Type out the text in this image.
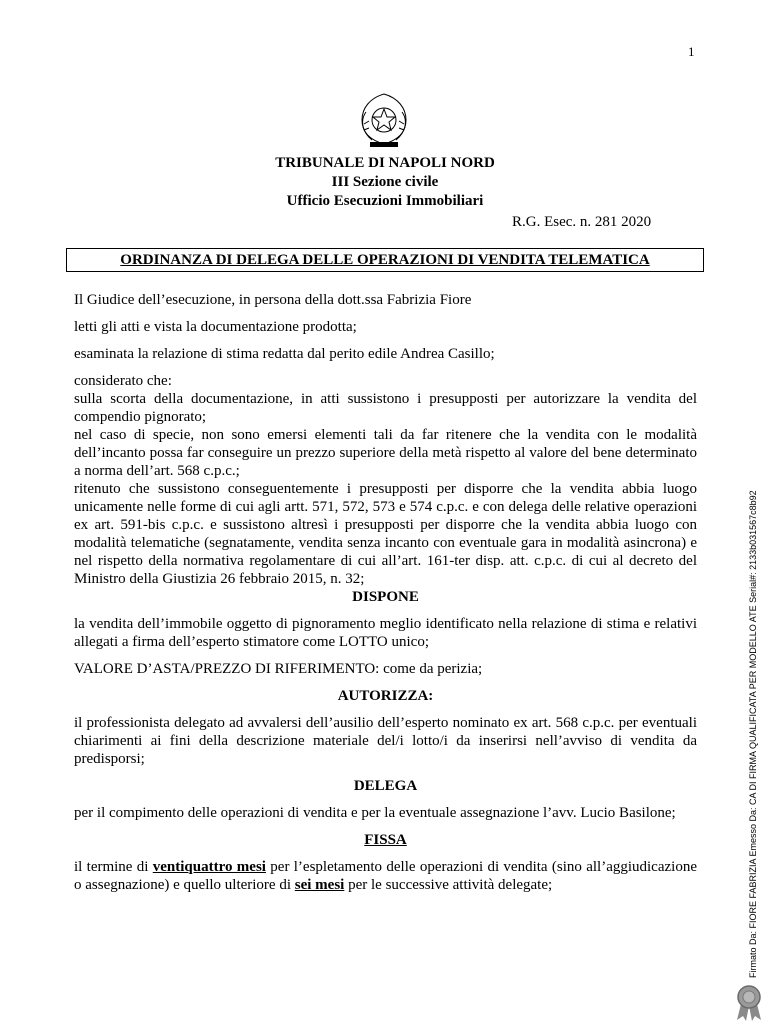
1
TRIBUNALE DI NAPOLI NORD
III Sezione civile
Ufficio Esecuzioni Immobiliari
R.G. Esec. n. 281 2020
ORDINANZA DI DELEGA DELLE OPERAZIONI DI VENDITA TELEMATICA

Il Giudice dell’esecuzione, in persona della dott.ssa Fabrizia Fiore

letti gli atti e vista la documentazione prodotta;

esaminata la relazione di stima redatta dal perito edile Andrea Casillo;

considerato che:

sulla scorta della documentazione, in atti sussistono i presupposti per autorizzare la vendita del compendio pignorato;

nel caso di specie, non sono emersi elementi tali da far ritenere che la vendita con le modalità dell’incanto possa far conseguire un prezzo superiore della metà rispetto al valore del bene determinato a norma dell’art. 568 c.p.c.;

ritenuto che sussistono conseguentemente i presupposti per disporre che la vendita abbia luogo unicamente nelle forme di cui agli artt. 571, 572, 573 e 574 c.p.c. e con delega delle relative operazioni ex art. 591-bis c.p.c. e sussistono altresì i presupposti per disporre che la vendita abbia luogo con modalità telematiche (segnatamente, vendita senza incanto con eventuale gara in modalità asincrona) e nel rispetto della normativa regolamentare di cui all’art. 161-ter disp. att. c.p.c. di cui al decreto del Ministro della Giustizia 26 febbraio 2015, n. 32;

DISPONE

la vendita dell’immobile oggetto di pignoramento meglio identificato nella relazione di stima e relativi allegati a firma dell’esperto stimatore come LOTTO unico;

VALORE D’ASTA/PREZZO DI RIFERIMENTO: come da perizia;

AUTORIZZA:

il professionista delegato ad avvalersi dell’ausilio dell’esperto nominato ex art. 568 c.p.c. per eventuali chiarimenti ai fini della descrizione materiale del/i lotto/i da inserirsi nell’avviso di vendita da predisporsi;

DELEGA

per il compimento delle operazioni di vendita e per la eventuale assegnazione l’avv. Lucio Basilone;

FISSA

il termine di ventiquattro mesi per l’espletamento delle operazioni di vendita (sino all’aggiudicazione o assegnazione) e quello ulteriore di sei mesi per le successive attività delegate;	Firmato Da: FIORE FABRIZIA Emesso Da: CA DI FIRMA QUALIFICATA PER MODELLO ATE Serial#: 2133b031567c8b92
